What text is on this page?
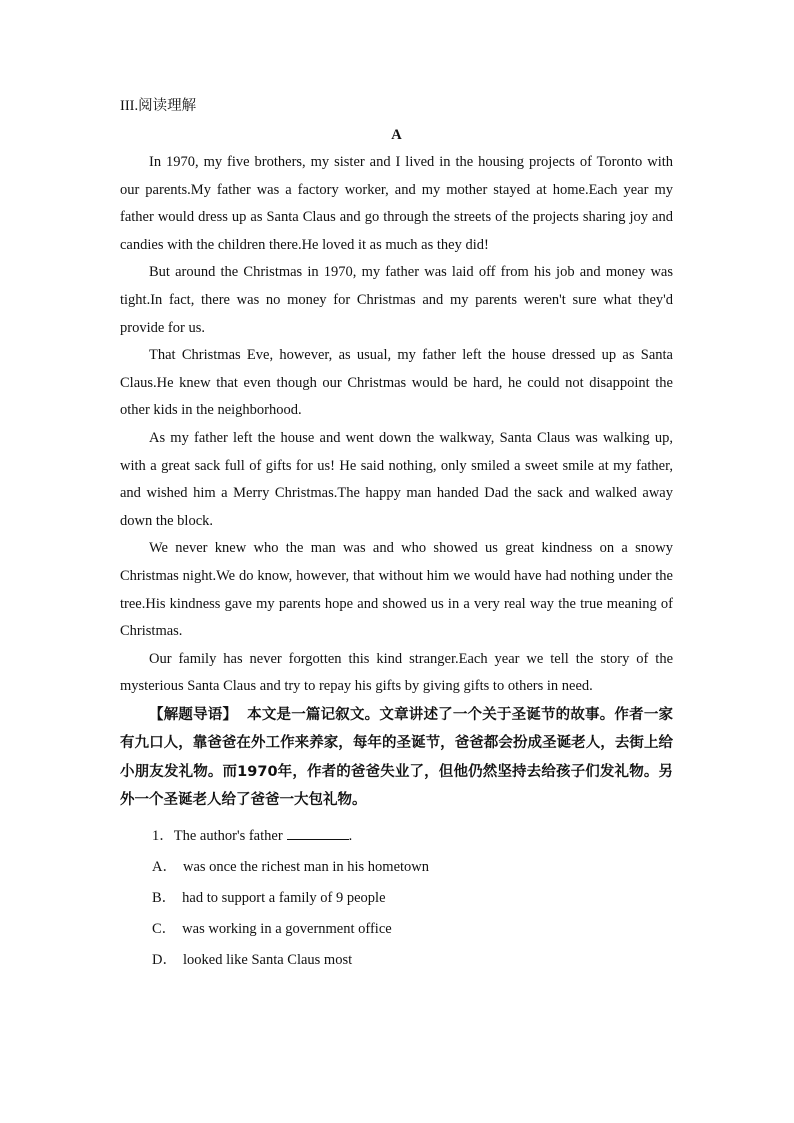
III.阅读理解

A

In 1970, my five brothers, my sister and I lived in the housing projects of Toronto with our parents.My father was a factory worker, and my mother stayed at home.Each year my father would dress up as Santa Claus and go through the streets of the projects sharing joy and candies with the children there.He loved it as much as they did!

But around the Christmas in 1970, my father was laid off from his job and money was tight.In fact, there was no money for Christmas and my parents weren't sure what they'd provide for us.

That Christmas Eve, however, as usual, my father left the house dressed up as Santa Claus.He knew that even though our Christmas would be hard, he could not disappoint the other kids in the neighborhood.

As my father left the house and went down the walkway, Santa Claus was walking up, with a great sack full of gifts for us! He said nothing, only smiled a sweet smile at my father, and wished him a Merry Christmas.The happy man handed Dad the sack and walked away down the block.

We never knew who the man was and who showed us great kindness on a snowy Christmas night.We do know, however, that without him we would have had nothing under the tree.His kindness gave my parents hope and showed us in a very real way the true meaning of Christmas.

Our family has never forgotten this kind stranger.Each year we tell the story of the mysterious Santa Claus and try to repay his gifts by giving gifts to others in need.

【解题导语】 本文是一篇记叙文。文章讲述了一个关于圣诞节的故事。作者一家有九口人，靠爸爸在外工作来养家，每年的圣诞节，爸爸都会扮成圣诞老人，去街上给小朋友发礼物。而1970年，作者的爸爸失业了，但他仍然坚持去给孩子们发礼物。另外一个圣诞老人给了爸爸一大包礼物。

1．The author's father	.

A． was once the richest man in his hometown

B． had to support a family of 9 people

C． was working in a government office

D． looked like Santa Claus most
